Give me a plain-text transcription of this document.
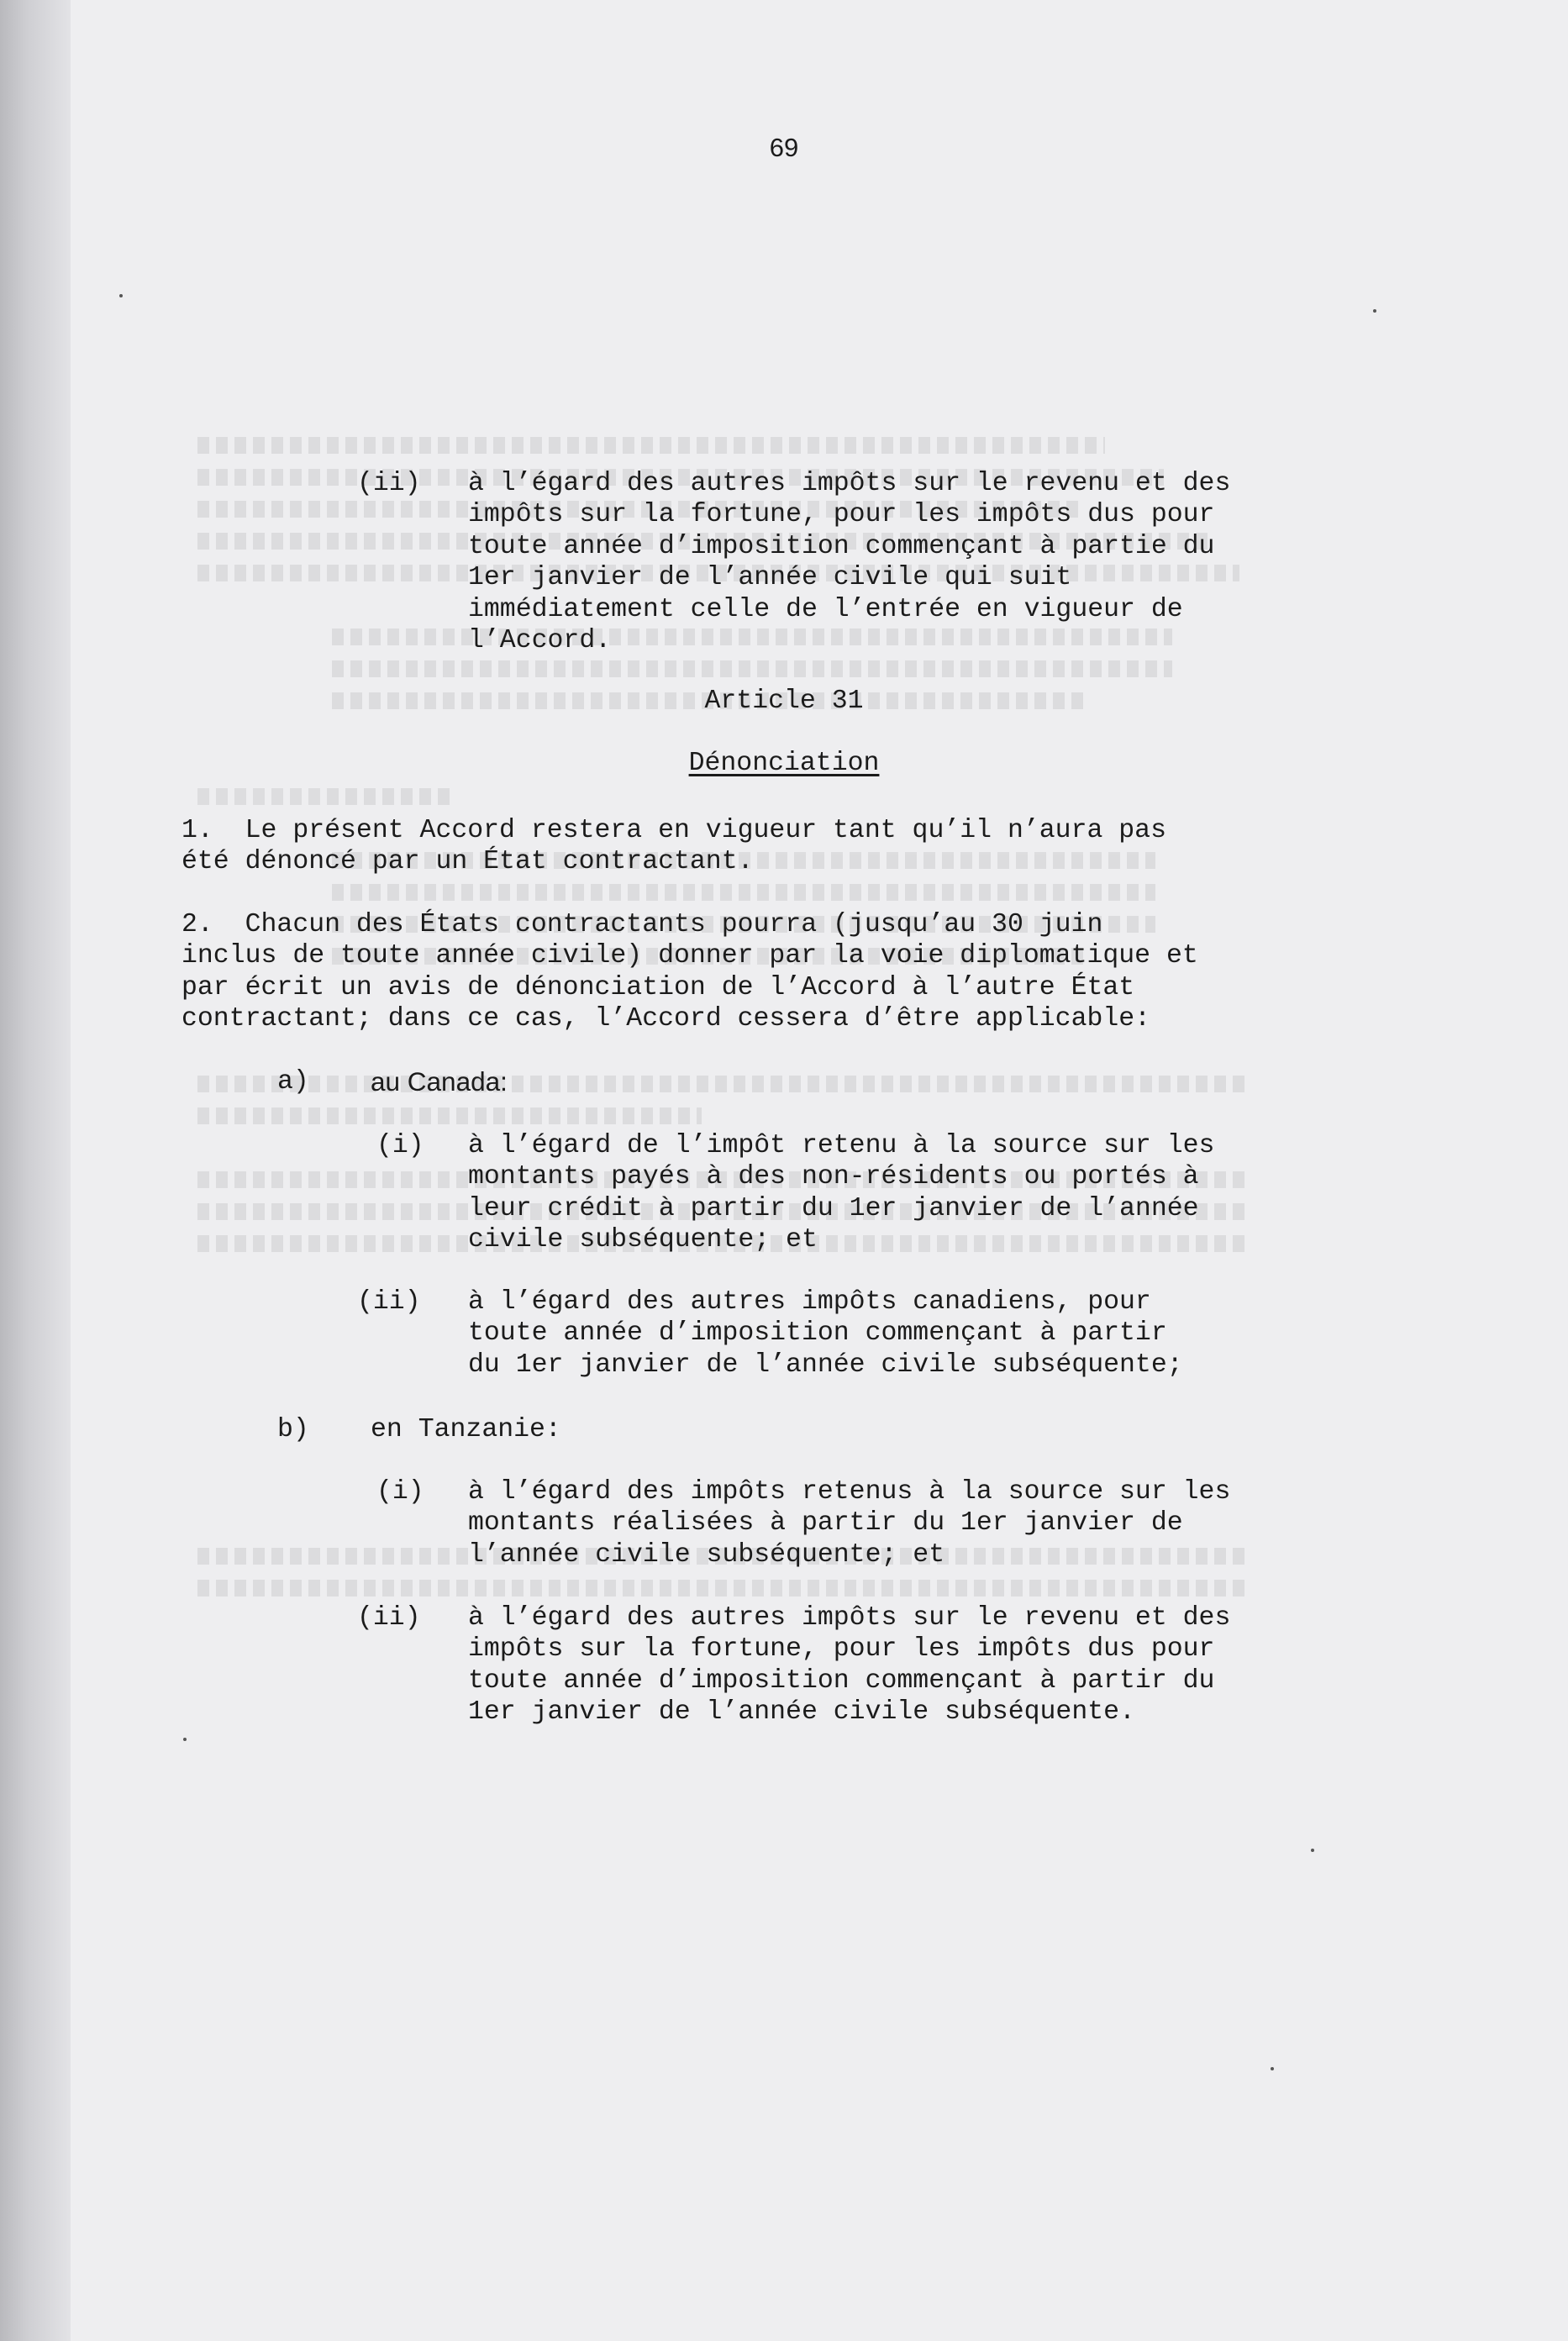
69
(ii) à l’égard des autres impôts sur le revenu et des
impôts sur la fortune, pour les impôts dus pour
toute année d’imposition commençant à partie du
1er janvier de l’année civile qui suit
immédiatement celle de l’entrée en vigueur de
l’Accord.
Article 31
Dénonciation
1.  Le présent Accord restera en vigueur tant qu’il n’aura pas
été dénoncé par un État contractant.
2.  Chacun des États contractants pourra (jusqu’au 30 juin
inclus de toute année civile) donner par la voie diplomatique et
par écrit un avis de dénonciation de l’Accord à l’autre État
contractant; dans ce cas, l’Accord cessera d’être applicable:
a) au Canada:
(i) à l’égard de l’impôt retenu à la source sur les
montants payés à des non-résidents ou portés à
leur crédit à partir du 1er janvier de l’année
civile subséquente; et
(ii) à l’égard des autres impôts canadiens, pour
toute année d’imposition commençant à partir
du 1er janvier de l’année civile subséquente;
b) en Tanzanie:
(i) à l’égard des impôts retenus à la source sur les
montants réalisées à partir du 1er janvier de
l’année civile subséquente; et
(ii) à l’égard des autres impôts sur le revenu et des
impôts sur la fortune, pour les impôts dus pour
toute année d’imposition commençant à partir du
1er janvier de l’année civile subséquente.
